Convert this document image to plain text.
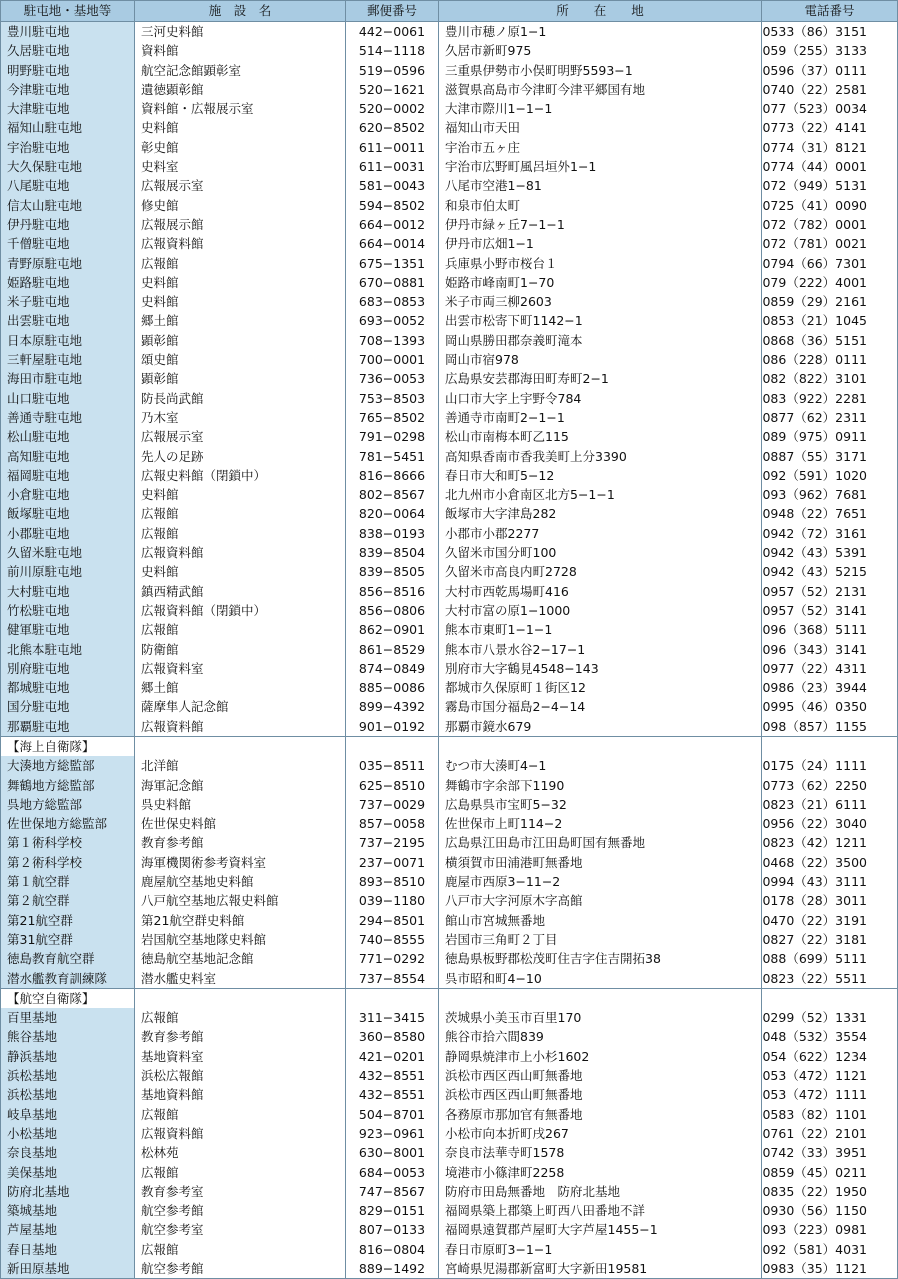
駐屯地・基地等	施　設　名	郵便番号	所　　在　　地	電話番号
豊川駐屯地	三河史料館	442−0061	豊川市穂ノ原1−1	0533（86）3151
久居駐屯地	資料館	514−1118	久居市新町975	059（255）3133
明野駐屯地	航空記念館顕彰室	519−0596	三重県伊勢市小俣町明野5593−1	0596（37）0111
今津駐屯地	遺徳顕彰館	520−1621	滋賀県高島市今津町今津平郷国有地	0740（22）2581
大津駐屯地	資料館・広報展示室	520−0002	大津市際川1−1−1	077（523）0034
福知山駐屯地	史料館	620−8502	福知山市天田	0773（22）4141
宇治駐屯地	彰史館	611−0011	宇治市五ヶ庄	0774（31）8121
大久保駐屯地	史料室	611−0031	宇治市広野町風呂垣外1−1	0774（44）0001
八尾駐屯地	広報展示室	581−0043	八尾市空港1−81	072（949）5131
信太山駐屯地	修史館	594−8502	和泉市伯太町	0725（41）0090
伊丹駐屯地	広報展示館	664−0012	伊丹市緑ヶ丘7−1−1	072（782）0001
千僧駐屯地	広報資料館	664−0014	伊丹市広畑1−1	072（781）0021
青野原駐屯地	広報館	675−1351	兵庫県小野市桜台１	0794（66）7301
姫路駐屯地	史料館	670−0881	姫路市峰南町1−70	079（222）4001
米子駐屯地	史料館	683−0853	米子市両三柳2603	0859（29）2161
出雲駐屯地	郷土館	693−0052	出雲市松寄下町1142−1	0853（21）1045
日本原駐屯地	顕彰館	708−1393	岡山県勝田郡奈義町滝本	0868（36）5151
三軒屋駐屯地	頌史館	700−0001	岡山市宿978	086（228）0111
海田市駐屯地	顕彰館	736−0053	広島県安芸郡海田町寿町2−1	082（822）3101
山口駐屯地	防長尚武館	753−8503	山口市大字上宇野令784	083（922）2281
善通寺駐屯地	乃木室	765−8502	善通寺市南町2−1−1	0877（62）2311
松山駐屯地	広報展示室	791−0298	松山市南梅本町乙115	089（975）0911
高知駐屯地	先人の足跡	781−5451	高知県香南市香我美町上分3390	0887（55）3171
福岡駐屯地	広報史料館（閉鎖中）	816−8666	春日市大和町5−12	092（591）1020
小倉駐屯地	史料館	802−8567	北九州市小倉南区北方5−1−1	093（962）7681
飯塚駐屯地	広報館	820−0064	飯塚市大字津島282	0948（22）7651
小郡駐屯地	広報館	838−0193	小郡市小郡2277	0942（72）3161
久留米駐屯地	広報資料館	839−8504	久留米市国分町100	0942（43）5391
前川原駐屯地	史料館	839−8505	久留米市高良内町2728	0942（43）5215
大村駐屯地	鎮西精武館	856−8516	大村市西乾馬場町416	0957（52）2131
竹松駐屯地	広報資料館（閉鎖中）	856−0806	大村市富の原1−1000	0957（52）3141
健軍駐屯地	広報館	862−0901	熊本市東町1−1−1	096（368）5111
北熊本駐屯地	防衛館	861−8529	熊本市八景水谷2−17−1	096（343）3141
別府駐屯地	広報資料室	874−0849	別府市大字鶴見4548−143	0977（22）4311
都城駐屯地	郷土館	885−0086	都城市久保原町１街区12	0986（23）3944
国分駐屯地	薩摩隼人記念館	899−4392	霧島市国分福島2−4−14	0995（46）0350
那覇駐屯地	広報資料館	901−0192	那覇市鏡水679	098（857）1155
【海上自衛隊】				
大湊地方総監部	北洋館	035−8511	むつ市大湊町4−1	0175（24）1111
舞鶴地方総監部	海軍記念館	625−8510	舞鶴市字余部下1190	0773（62）2250
呉地方総監部	呉史料館	737−0029	広島県呉市宝町5−32	0823（21）6111
佐世保地方総監部	佐世保史料館	857−0058	佐世保市上町114−2	0956（22）3040
第１術科学校	教育参考館	737−2195	広島県江田島市江田島町国有無番地	0823（42）1211
第２術科学校	海軍機関術参考資料室	237−0071	横須賀市田浦港町無番地	0468（22）3500
第１航空群	鹿屋航空基地史料館	893−8510	鹿屋市西原3−11−2	0994（43）3111
第２航空群	八戸航空基地広報史料館	039−1180	八戸市大字河原木字高館	0178（28）3011
第21航空群	第21航空群史料館	294−8501	館山市宮城無番地	0470（22）3191
第31航空群	岩国航空基地隊史料館	740−8555	岩国市三角町２丁目	0827（22）3181
徳島教育航空群	徳島航空基地記念館	771−0292	徳島県板野郡松茂町住吉字住吉開拓38	088（699）5111
潜水艦教育訓練隊	潜水艦史料室	737−8554	呉市昭和町4−10	0823（22）5511
【航空自衛隊】				
百里基地	広報館	311−3415	茨城県小美玉市百里170	0299（52）1331
熊谷基地	教育参考館	360−8580	熊谷市拾六間839	048（532）3554
静浜基地	基地資料室	421−0201	静岡県焼津市上小杉1602	054（622）1234
浜松基地	浜松広報館	432−8551	浜松市西区西山町無番地	053（472）1121
浜松基地	基地資料館	432−8551	浜松市西区西山町無番地	053（472）1111
岐阜基地	広報館	504−8701	各務原市那加官有無番地	0583（82）1101
小松基地	広報資料館	923−0961	小松市向本折町戌267	0761（22）2101
奈良基地	松林苑	630−8001	奈良市法華寺町1578	0742（33）3951
美保基地	広報館	684−0053	境港市小篠津町2258	0859（45）0211
防府北基地	教育参考室	747−8567	防府市田島無番地　防府北基地	0835（22）1950
築城基地	航空参考館	829−0151	福岡県築上郡築上町西八田番地不詳	0930（56）1150
芦屋基地	航空参考室	807−0133	福岡県遠賀郡芦屋町大字芦屋1455−1	093（223）0981
春日基地	広報館	816−0804	春日市原町3−1−1	092（581）4031
新田原基地	航空参考館	889−1492	宮崎県児湯郡新富町大字新田19581	0983（35）1121
